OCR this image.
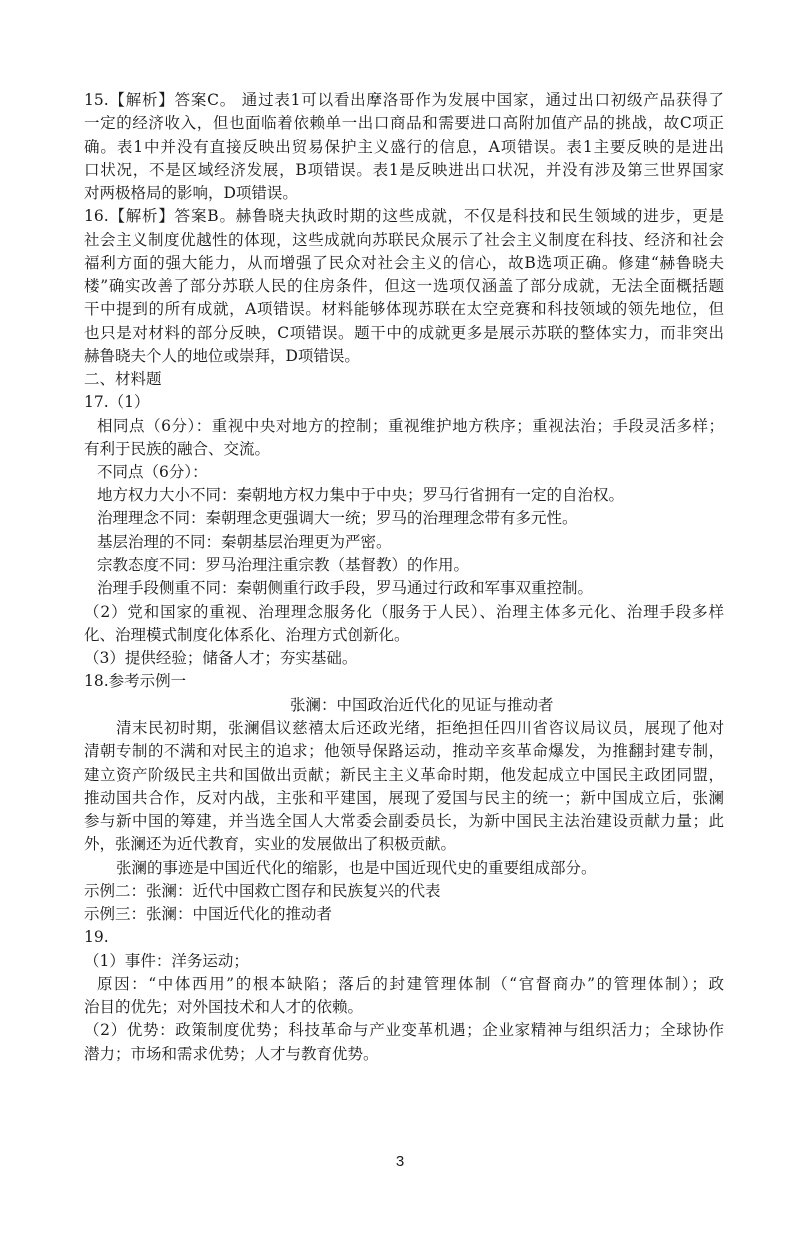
15.【解析】答案C。 通过表1可以看出摩洛哥作为发展中国家，通过出口初级产品获得了
一定的经济收入，但也面临着依赖单一出口商品和需要进口高附加值产品的挑战，故C项正
确。表1中并没有直接反映出贸易保护主义盛行的信息，A项错误。表1主要反映的是进出
口状况，不是区域经济发展，B项错误。表1是反映进出口状况，并没有涉及第三世界国家
对两极格局的影响，D项错误。
16.【解析】答案B。赫鲁晓夫执政时期的这些成就，不仅是科技和民生领域的进步，更是
社会主义制度优越性的体现，这些成就向苏联民众展示了社会主义制度在科技、经济和社会
福利方面的强大能力，从而增强了民众对社会主义的信心，故B选项正确。修建“赫鲁晓夫
楼”确实改善了部分苏联人民的住房条件，但这一选项仅涵盖了部分成就，无法全面概括题
干中提到的所有成就，A项错误。材料能够体现苏联在太空竞赛和科技领域的领先地位，但
也只是对材料的部分反映，C项错误。题干中的成就更多是展示苏联的整体实力，而非突出
赫鲁晓夫个人的地位或崇拜，D项错误。
二、材料题
17.（1）
相同点（6分）：重视中央对地方的控制；重视维护地方秩序；重视法治；手段灵活多样；
有利于民族的融合、交流。
不同点（6分）：
地方权力大小不同：秦朝地方权力集中于中央；罗马行省拥有一定的自治权。
治理理念不同：秦朝理念更强调大一统；罗马的治理理念带有多元性。
基层治理的不同：秦朝基层治理更为严密。
宗教态度不同：罗马治理注重宗教（基督教）的作用。
治理手段侧重不同：秦朝侧重行政手段，罗马通过行政和军事双重控制。
（2）党和国家的重视、治理理念服务化（服务于人民）、治理主体多元化、治理手段多样
化、治理模式制度化体系化、治理方式创新化。
（3）提供经验；储备人才；夯实基础。
18.参考示例一
张澜：中国政治近代化的见证与推动者
清末民初时期，张澜倡议慈禧太后还政光绪，拒绝担任四川省咨议局议员，展现了他对
清朝专制的不满和对民主的追求；他领导保路运动，推动辛亥革命爆发，为推翻封建专制，
建立资产阶级民主共和国做出贡献；新民主主义革命时期，他发起成立中国民主政团同盟，
推动国共合作，反对内战，主张和平建国，展现了爱国与民主的统一；新中国成立后，张澜
参与新中国的筹建，并当选全国人大常委会副委员长，为新中国民主法治建设贡献力量；此
外，张澜还为近代教育，实业的发展做出了积极贡献。
张澜的事迹是中国近代化的缩影，也是中国近现代史的重要组成部分。
示例二：张澜：近代中国救亡图存和民族复兴的代表
示例三：张澜：中国近代化的推动者
19.
（1）事件：洋务运动；
原因：“中体西用”的根本缺陷；落后的封建管理体制（“官督商办”的管理体制）；政
治目的优先；对外国技术和人才的依赖。
（2）优势：政策制度优势；科技革命与产业变革机遇；企业家精神与组织活力；全球协作
潜力；市场和需求优势；人才与教育优势。
3
